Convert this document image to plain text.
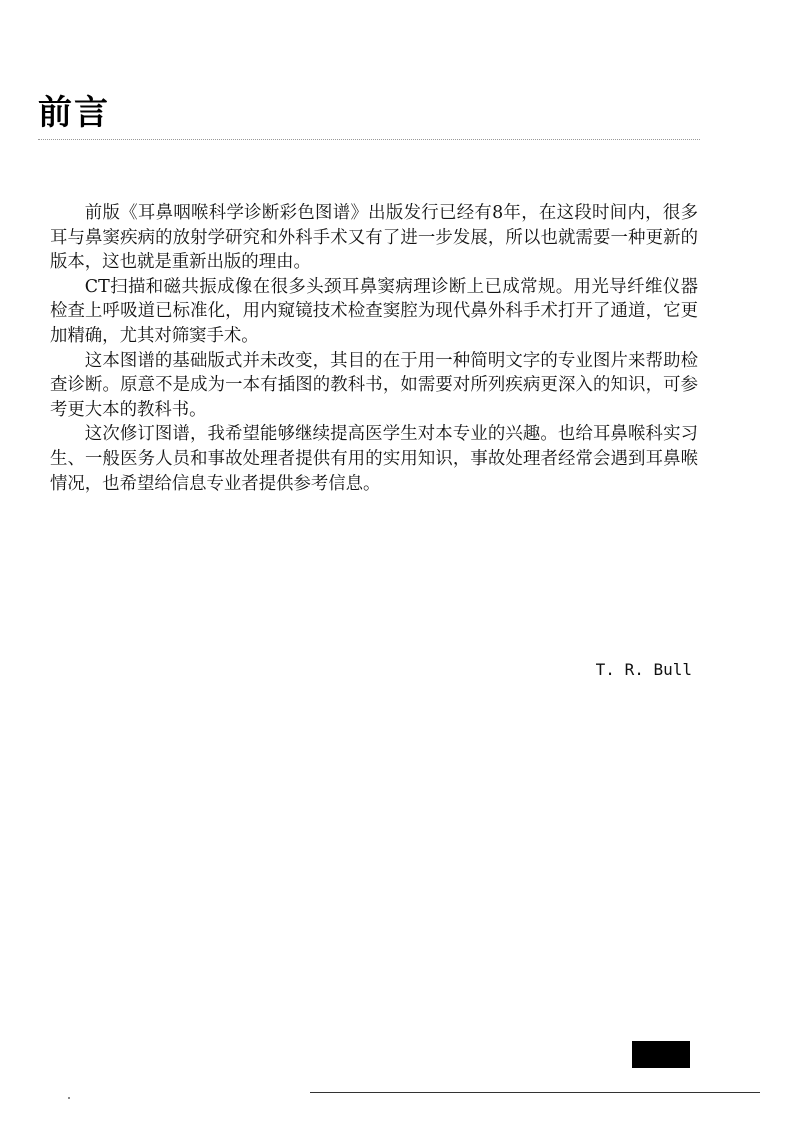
前言

前版《耳鼻咽喉科学诊断彩色图谱》出版发行已经有8年，在这段时间内，很多耳与鼻窦疾病的放射学研究和外科手术又有了进一步发展，所以也就需要一种更新的版本，这也就是重新出版的理由。

CT扫描和磁共振成像在很多头颈耳鼻窦病理诊断上已成常规。用光导纤维仪器检查上呼吸道已标准化，用内窥镜技术检查窦腔为现代鼻外科手术打开了通道，它更加精确，尤其对筛窦手术。

这本图谱的基础版式并未改变，其目的在于用一种简明文字的专业图片来帮助检查诊断。原意不是成为一本有插图的教科书，如需要对所列疾病更深入的知识，可参考更大本的教科书。

这次修订图谱，我希望能够继续提高医学生对本专业的兴趣。也给耳鼻喉科实习生、一般医务人员和事故处理者提供有用的实用知识，事故处理者经常会遇到耳鼻喉情况，也希望给信息专业者提供参考信息。

T. R. Bull
